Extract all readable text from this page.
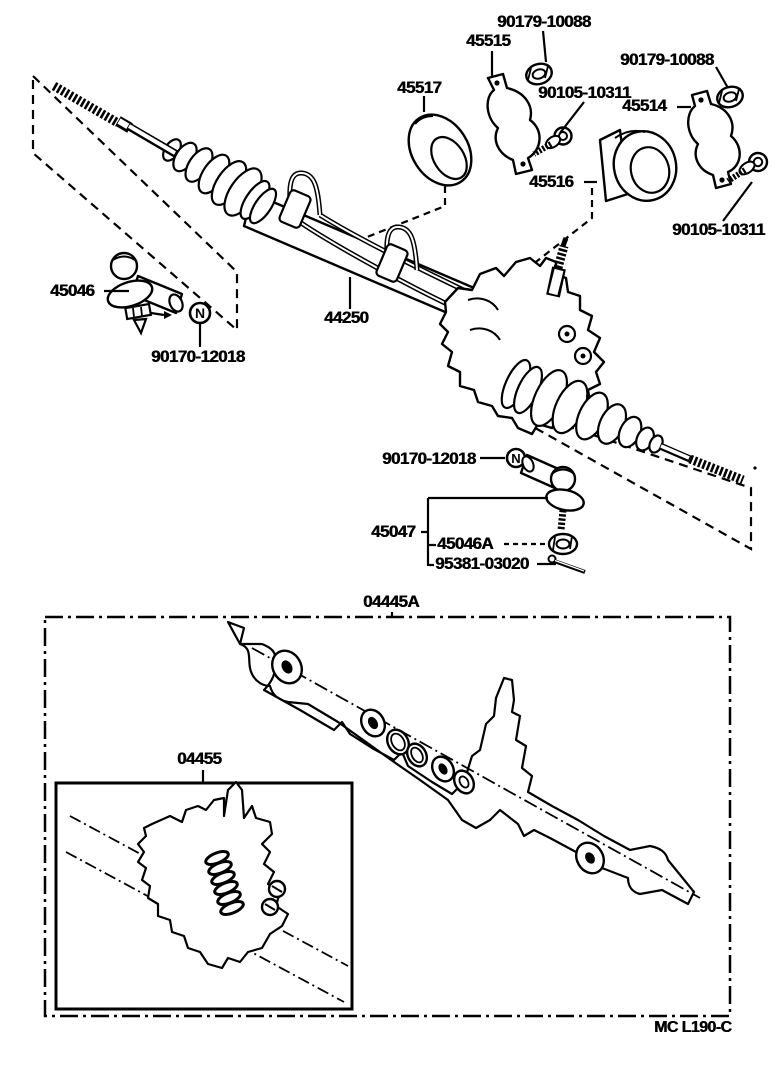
N
N
90179-10088
45515
45517	90105-10311
90179-10088
45514
45516
90105-10311
45046
44250
90170-12018
90170-12018
45047
45046A
95381-03020
04445A
04455
MC L190-C
